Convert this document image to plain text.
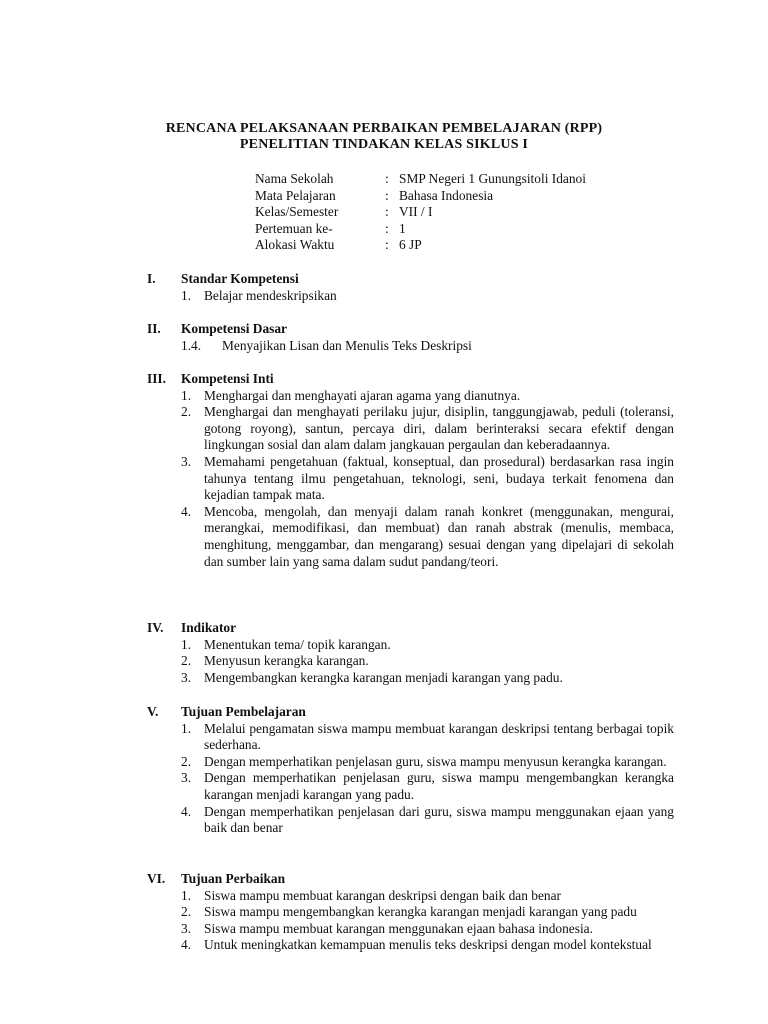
RENCANA PELAKSANAAN PERBAIKAN PEMBELAJARAN (RPP)
PENELITIAN TINDAKAN KELAS SIKLUS I
Nama Sekolah	: SMP Negeri 1 Gunungsitoli Idanoi
Mata Pelajaran	: Bahasa Indonesia
Kelas/Semester	: VII / I
Pertemuan ke-	: 1
Alokasi Waktu	: 6 JP
I. Standar Kompetensi
1. Belajar mendeskripsikan
II. Kompetensi Dasar
1.4. Menyajikan Lisan dan Menulis Teks Deskripsi
III. Kompetensi Inti
1. Menghargai dan menghayati ajaran agama yang dianutnya.
2. Menghargai dan menghayati perilaku jujur, disiplin, tanggungjawab, peduli (toleransi, gotong royong), santun, percaya diri, dalam berinteraksi secara efektif dengan lingkungan sosial dan alam dalam jangkauan pergaulan dan keberadaannya.
3. Memahami pengetahuan (faktual, konseptual, dan prosedural) berdasarkan rasa ingin tahunya tentang ilmu pengetahuan, teknologi, seni, budaya terkait fenomena dan kejadian tampak mata.
4. Mencoba, mengolah, dan menyaji dalam ranah konkret (menggunakan, mengurai, merangkai, memodifikasi, dan membuat) dan ranah abstrak (menulis, membaca, menghitung, menggambar, dan mengarang) sesuai dengan yang dipelajari di sekolah dan sumber lain yang sama dalam sudut pandang/teori.
IV. Indikator
1. Menentukan tema/ topik karangan.
2. Menyusun kerangka karangan.
3. Mengembangkan kerangka karangan menjadi karangan yang padu.
V. Tujuan Pembelajaran
1. Melalui pengamatan siswa mampu membuat karangan deskripsi tentang berbagai topik sederhana.
2. Dengan memperhatikan penjelasan guru, siswa mampu menyusun kerangka karangan.
3. Dengan memperhatikan penjelasan guru, siswa mampu mengembangkan kerangka karangan menjadi karangan yang padu.
4. Dengan memperhatikan penjelasan dari guru, siswa mampu menggunakan ejaan yang baik dan benar
VI. Tujuan Perbaikan
1. Siswa mampu membuat karangan deskripsi dengan baik dan benar
2. Siswa mampu mengembangkan kerangka karangan menjadi karangan yang padu
3. Siswa mampu membuat karangan menggunakan ejaan bahasa indonesia.
4. Untuk meningkatkan kemampuan menulis teks deskripsi dengan model kontekstual
